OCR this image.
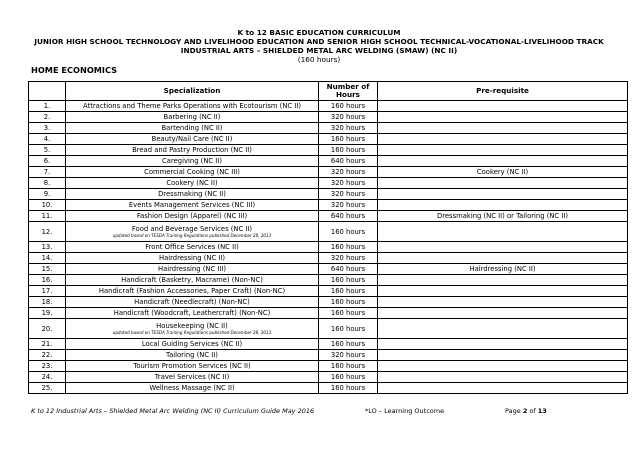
K to 12 BASIC EDUCATION CURRICULUM
JUNIOR HIGH SCHOOL TECHNOLOGY AND LIVELIHOOD EDUCATION AND SENIOR HIGH SCHOOL TECHNICAL-VOCATIONAL-LIVELIHOOD TRACK
INDUSTRIAL ARTS – SHIELDED METAL ARC WELDING (SMAW) (NC II)
(160 hours)
HOME ECONOMICS
	Specialization	Number of Hours	Pre-requisite
1.	Attractions and Theme Parks Operations with Ecotourism (NC II)	160 hours	
2.	Barbering (NC II)	320 hours	
3.	Bartending (NC II)	320 hours	
4.	Beauty/Nail Care (NC II)	160 hours	
5.	Bread and Pastry Production (NC II)	160 hours	
6.	Caregiving (NC II)	640 hours	
7.	Commercial Cooking (NC III)	320 hours	Cookery (NC II)
8.	Cookery (NC II)	320 hours	
9.	Dressmaking (NC II)	320 hours	
10.	Events Management Services (NC III)	320 hours	
11.	Fashion Design (Apparel) (NC III)	640 hours	Dressmaking (NC II) or Tailoring (NC II)
12.	Food and Beverage Services (NC II)
updated based on TESDA Training Regulations published December 28, 2013	160 hours	
13.	Front Office Services (NC II)	160 hours	
14.	Hairdressing (NC II)	320 hours	
15.	Hairdressing (NC III)	640 hours	Hairdressing (NC II)
16.	Handicraft (Basketry, Macrame) (Non-NC)	160 hours	
17.	Handicraft (Fashion Accessories, Paper Craft) (Non-NC)	160 hours	
18.	Handicraft (Needlecraft) (Non-NC)	160 hours	
19.	Handicraft (Woodcraft, Leathercraft) (Non-NC)	160 hours	
20.	Housekeeping (NC II)
updated based on TESDA Training Regulations published December 28, 2013	160 hours	
21.	Local Guiding Services (NC II)	160 hours	
22.	Tailoring (NC II)	320 hours	
23.	Tourism Promotion Services (NC II)	160 hours	
24.	Travel Services (NC II)	160 hours	
25.	Wellness Massage (NC II)	160 hours	
K to 12 Industrial Arts – Shielded Metal Arc Welding (NC II) Curriculum Guide May 2016	*LO – Learning Outcome	Page 2 of 13
